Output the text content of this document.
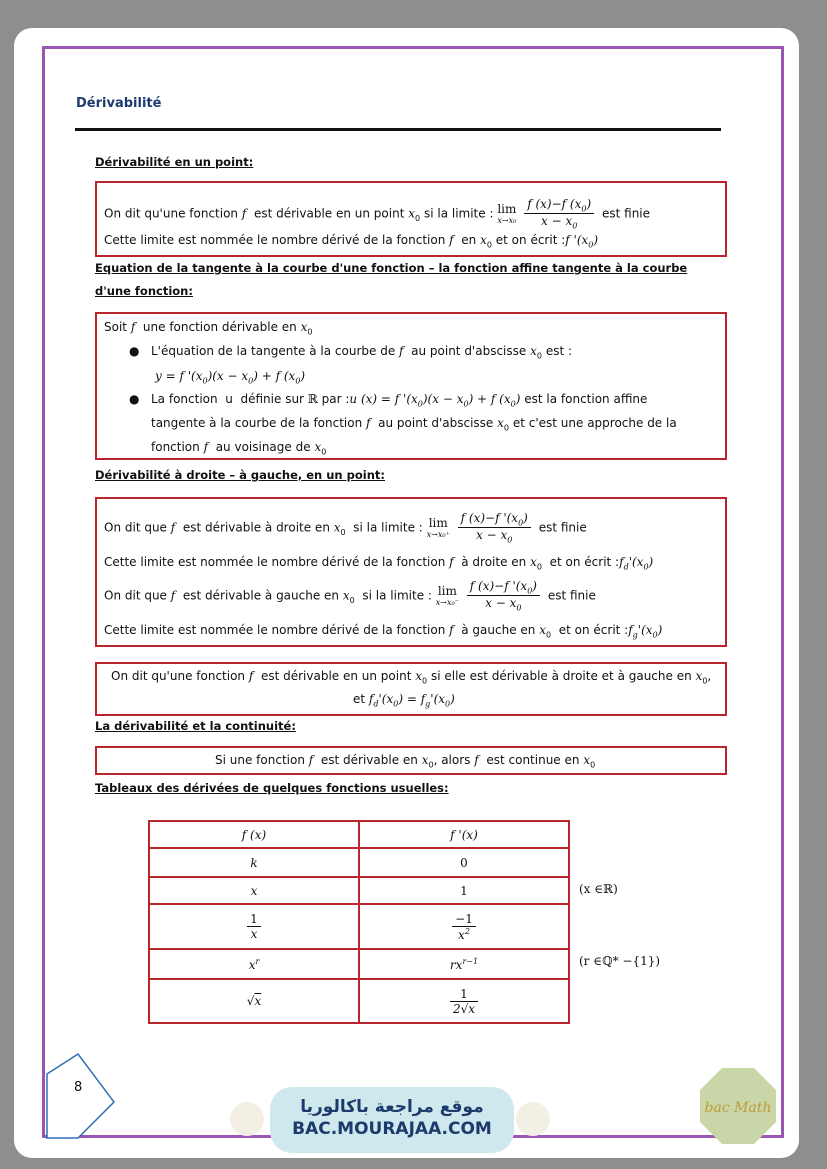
Dérivabilité
Dérivabilité en un point:
On dit qu'une fonction f est dérivable en un point $x_0$ si la limite : lim
x→x₀
$\frac{f (x)-f (x_0)}{x - x_0}$ est finie
Cette limite est nommée le nombre dérivé de la fonction f en $x_0$ et on écrit :f '$(x_0)$
Equation de la tangente à la courbe d'une fonction – la fonction affine tangente à la courbe
d'une fonction:
Soit f une fonction dérivable en $x_0$
● L'équation de la tangente à la courbe de f au point d'abscisse $x_0$ est :
y = f '$(x_0)(x - x_0) + f$ $(x_0)$
● La fonction u définie sur ℝ par :u (x) = f '$(x_0)(x - x_0) + f$ $(x_0)$ est la fonction affine
tangente à la courbe de la fonction f au point d'abscisse $x_0$ et c'est une approche de la
fonction f au voisinage de $x_0$
Dérivabilité à droite – à gauche, en un point:
On dit que f est dérivable à droite en $x_0$ si la limite : lim
x→x₀⁺
$\frac{f (x)-f '(x_0)}{x - x_0}$ est finie
Cette limite est nommée le nombre dérivé de la fonction f à droite en $x_0$ et on écrit $:f_d'(x_0)$
On dit que f est dérivable à gauche en $x_0$ si la limite : lim
x→x₀⁻
$\frac{f (x)-f '(x_0)}{x - x_0}$ est finie
Cette limite est nommée le nombre dérivé de la fonction f à gauche en $x_0$ et on écrit $:f_g'(x_0)$
On dit qu'une fonction f est dérivable en un point $x_0$ si elle est dérivable à droite et à gauche en $x_0$,
et $f_d'(x_0) = f_g'(x_0)$
La dérivabilité et la continuité:
Si une fonction f est dérivable en $x_0$, alors f est continue en $x_0$
Tableaux des dérivées de quelques fonctions usuelles:
f (x)	f '(x)
k	0
x	1

$\frac{1}{x}$	$\frac{-1}{x^2}$

$x^r$	$rx^{r-1}$
√x	$\frac{1}{2√x}$
(x ∈ℝ)
(r ∈ℚ* −{1})
8
موقع مراجعة باكالوريا
BAC.MOURAJAA.COM
bac Math
